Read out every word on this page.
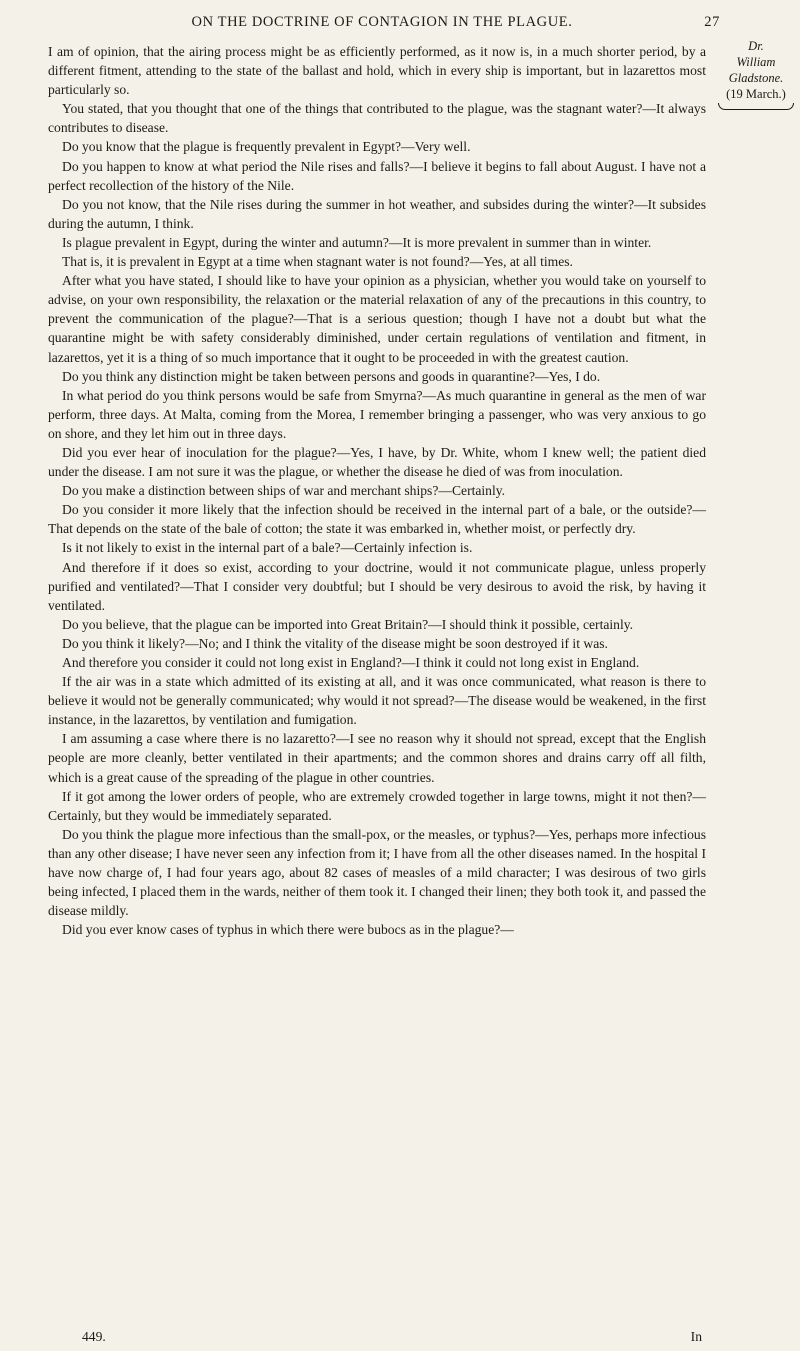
ON THE DOCTRINE OF CONTAGION IN THE PLAGUE.	27
Dr.
William Gladstone.
(19 March.)

I am of opinion, that the airing process might be as efficiently performed, as it now is, in a much shorter period, by a different fitment, attending to the state of the ballast and hold, which in every ship is important, but in lazarettos most particularly so.

You stated, that you thought that one of the things that contributed to the plague, was the stagnant water?—It always contributes to disease.

Do you know that the plague is frequently prevalent in Egypt?—Very well.

Do you happen to know at what period the Nile rises and falls?—I believe it begins to fall about August. I have not a perfect recollection of the history of the Nile.

Do you not know, that the Nile rises during the summer in hot weather, and subsides during the winter?—It subsides during the autumn, I think.

Is plague prevalent in Egypt, during the winter and autumn?—It is more prevalent in summer than in winter.

That is, it is prevalent in Egypt at a time when stagnant water is not found?—Yes, at all times.

After what you have stated, I should like to have your opinion as a physician, whether you would take on yourself to advise, on your own responsibility, the relaxation or the material relaxation of any of the precautions in this country, to prevent the communication of the plague?—That is a serious question; though I have not a doubt but what the quarantine might be with safety considerably diminished, under certain regulations of ventilation and fitment, in lazarettos, yet it is a thing of so much importance that it ought to be proceeded in with the greatest caution.

Do you think any distinction might be taken between persons and goods in quarantine?—Yes, I do.

In what period do you think persons would be safe from Smyrna?—As much quarantine in general as the men of war perform, three days. At Malta, coming from the Morea, I remember bringing a passenger, who was very anxious to go on shore, and they let him out in three days.

Did you ever hear of inoculation for the plague?—Yes, I have, by Dr. White, whom I knew well; the patient died under the disease. I am not sure it was the plague, or whether the disease he died of was from inoculation.

Do you make a distinction between ships of war and merchant ships?—Certainly.

Do you consider it more likely that the infection should be received in the internal part of a bale, or the outside?—That depends on the state of the bale of cotton; the state it was embarked in, whether moist, or perfectly dry.

Is it not likely to exist in the internal part of a bale?—Certainly infection is.

And therefore if it does so exist, according to your doctrine, would it not communicate plague, unless properly purified and ventilated?—That I consider very doubtful; but I should be very desirous to avoid the risk, by having it ventilated.

Do you believe, that the plague can be imported into Great Britain?—I should think it possible, certainly.

Do you think it likely?—No; and I think the vitality of the disease might be soon destroyed if it was.

And therefore you consider it could not long exist in England?—I think it could not long exist in England.

If the air was in a state which admitted of its existing at all, and it was once communicated, what reason is there to believe it would not be generally communicated; why would it not spread?—The disease would be weakened, in the first instance, in the lazarettos, by ventilation and fumigation.

I am assuming a case where there is no lazaretto?—I see no reason why it should not spread, except that the English people are more cleanly, better ventilated in their apartments; and the common shores and drains carry off all filth, which is a great cause of the spreading of the plague in other countries.

If it got among the lower orders of people, who are extremely crowded together in large towns, might it not then?—Certainly, but they would be immediately separated.

Do you think the plague more infectious than the small-pox, or the measles, or typhus?—Yes, perhaps more infectious than any other disease; I have never seen any infection from it; I have from all the other diseases named. In the hospital I have now charge of, I had four years ago, about 82 cases of measles of a mild character; I was desirous of two girls being infected, I placed them in the wards, neither of them took it. I changed their linen; they both took it, and passed the disease mildly.

Did you ever know cases of typhus in which there were bubocs as in the plague?—

449.	In
